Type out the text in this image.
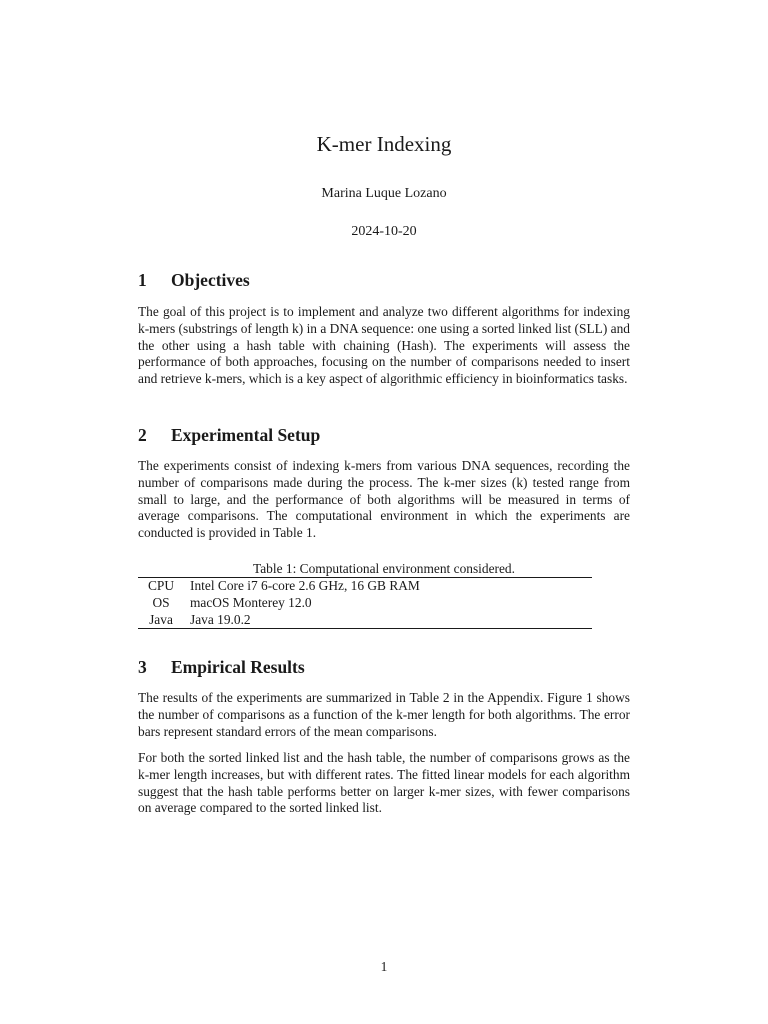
K-mer Indexing
Marina Luque Lozano
2024-10-20
1	Objectives

The goal of this project is to implement and analyze two different algorithms for indexing k-mers (substrings of length k) in a DNA sequence: one using a sorted linked list (SLL) and the other using a hash table with chaining (Hash). The experiments will assess the performance of both approaches, focusing on the number of comparisons needed to insert and retrieve k-mers, which is a key aspect of algorithmic efficiency in bioinformatics tasks.

2	Experimental Setup

The experiments consist of indexing k-mers from various DNA sequences, recording the number of comparisons made during the process. The k-mer sizes (k) tested range from small to large, and the performance of both algorithms will be measured in terms of average comparisons. The computational environment in which the experiments are conducted is provided in Table 1.

Table 1: Computational environment considered.
CPU	Intel Core i7 6-core 2.6 GHz, 16 GB RAM
OS	macOS Monterey 12.0
Java	Java 19.0.2
3	Empirical Results

The results of the experiments are summarized in Table 2 in the Appendix. Figure 1 shows the number of comparisons as a function of the k-mer length for both algorithms. The error bars represent standard errors of the mean comparisons.

For both the sorted linked list and the hash table, the number of comparisons grows as the k-mer length increases, but with different rates. The fitted linear models for each algorithm suggest that the hash table performs better on larger k-mer sizes, with fewer comparisons on average compared to the sorted linked list.

1
